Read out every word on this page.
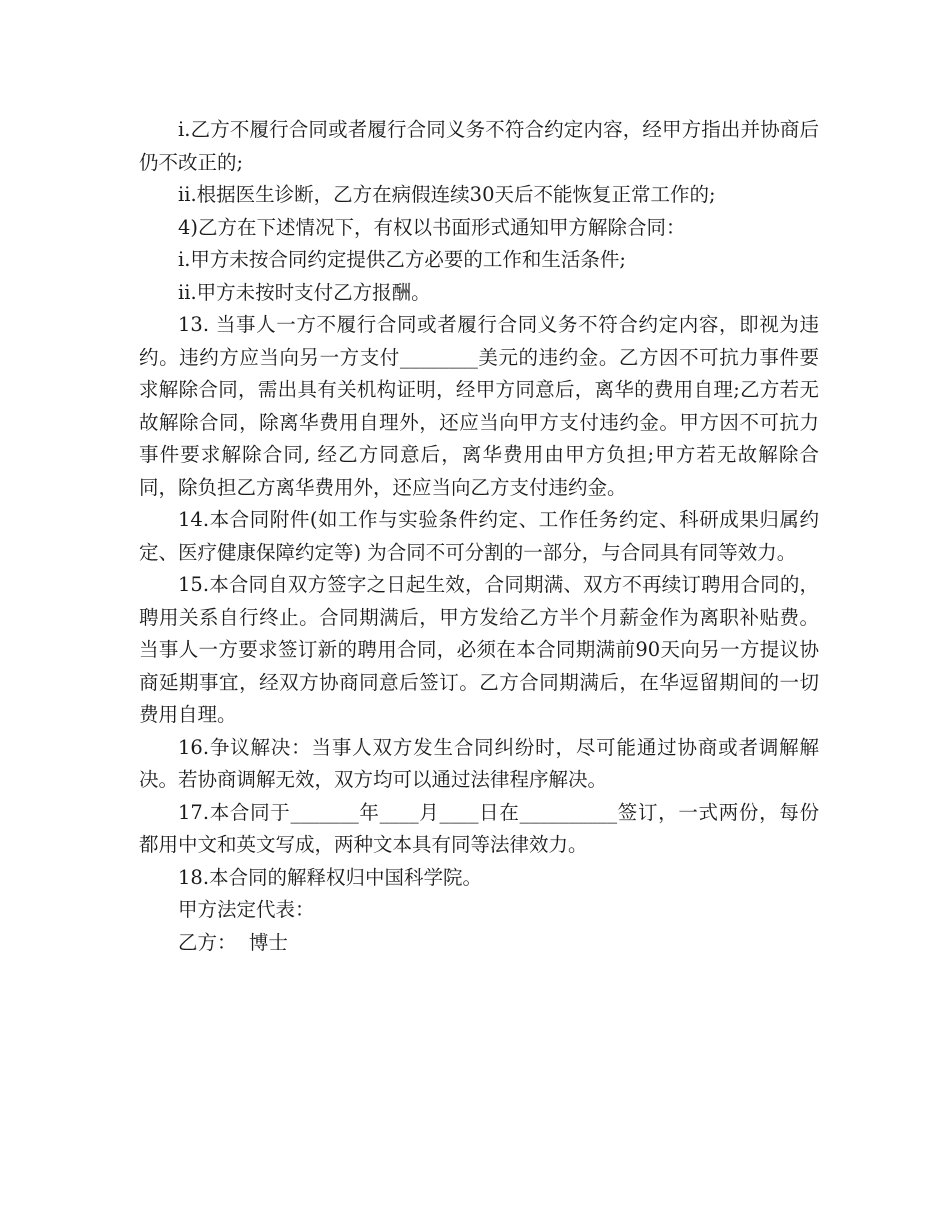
i.乙方不履行合同或者履行合同义务不符合约定内容，经甲方指出并协商后仍不改正的;

ii.根据医生诊断，乙方在病假连续30天后不能恢复正常工作的;

4)乙方在下述情况下，有权以书面形式通知甲方解除合同：

i.甲方未按合同约定提供乙方必要的工作和生活条件;

ii.甲方未按时支付乙方报酬。

13. 当事人一方不履行合同或者履行合同义务不符合约定内容，即视为违约。违约方应当向另一方支付________美元的违约金。乙方因不可抗力事件要求解除合同，需出具有关机构证明，经甲方同意后，离华的费用自理;乙方若无故解除合同，除离华费用自理外，还应当向甲方支付违约金。甲方因不可抗力事件要求解除合同, 经乙方同意后，离华费用由甲方负担;甲方若无故解除合同，除负担乙方离华费用外，还应当向乙方支付违约金。

14.本合同附件(如工作与实验条件约定、工作任务约定、科研成果归属约定、医疗健康保障约定等) 为合同不可分割的一部分，与合同具有同等效力。

15.本合同自双方签字之日起生效，合同期满、双方不再续订聘用合同的，聘用关系自行终止。合同期满后，甲方发给乙方半个月薪金作为离职补贴费。当事人一方要求签订新的聘用合同，必须在本合同期满前90天向另一方提议协商延期事宜，经双方协商同意后签订。乙方合同期满后，在华逗留期间的一切费用自理。

16.争议解决：当事人双方发生合同纠纷时，尽可能通过协商或者调解解决。若协商调解无效，双方均可以通过法律程序解决。

17.本合同于_______年____月____日在__________签订，一式两份，每份都用中文和英文写成，两种文本具有同等法律效力。

18.本合同的解释权归中国科学院。

甲方法定代表：

乙方：  博士
